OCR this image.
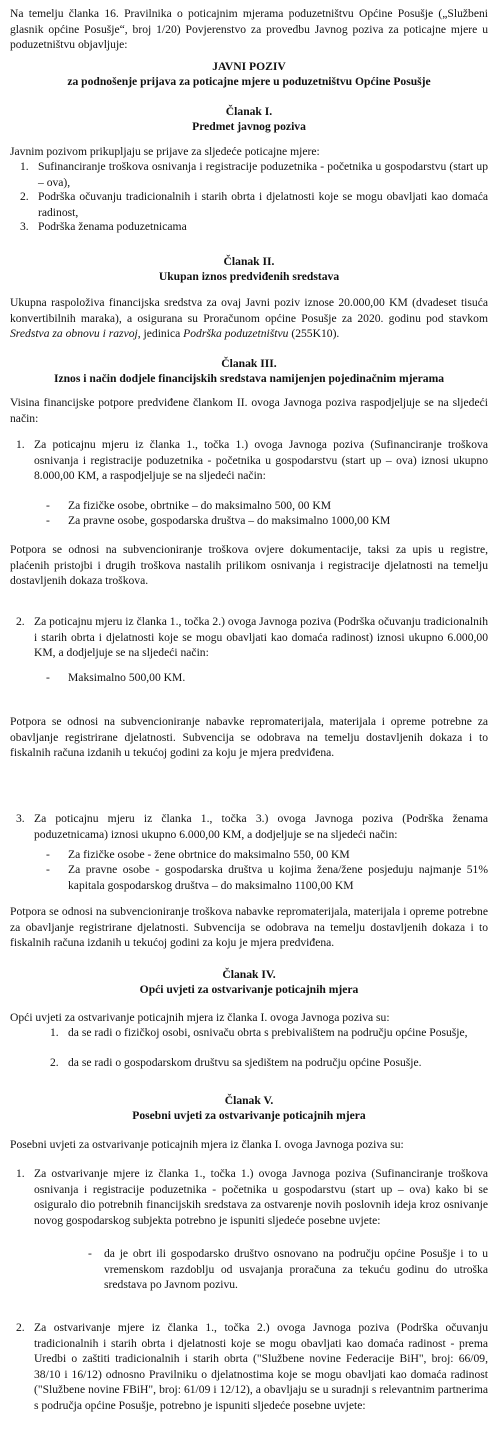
Na temelju članka 16. Pravilnika o poticajnim mjerama poduzetništvu Općine Posušje („Službeni glasnik općine Posušje“, broj 1/20) Povjerenstvo za provedbu Javnog poziva za poticajne mjere u poduzetništvu objavljuje:
JAVNI POZIV
za podnošenje prijava za poticajne mjere u poduzetništvu Općine Posušje
Članak I.
Predmet javnog poziva
Javnim pozivom prikupljaju se prijave za sljedeće poticajne mjere:
1. Sufinanciranje troškova osnivanja i registracije poduzetnika - početnika u gospodarstvu (start up – ova),
2. Podrška očuvanju tradicionalnih i starih obrta i djelatnosti koje se mogu obavljati kao domaća radinost,
3. Podrška ženama poduzetnicama
Članak II.
Ukupan iznos predviđenih sredstava
Ukupna raspoloživa financijska sredstva za ovaj Javni poziv iznose 20.000,00 KM (dvadeset tisuća konvertibilnih maraka), a osigurana su Proračunom općine Posušje za 2020. godinu pod stavkom Sredstva za obnovu i razvoj, jedinica Podrška poduzetništvu (255K10).
Članak III.
Iznos i način dodjele financijskih sredstava namijenjen pojedinačnim mjerama
Visina financijske potpore predviđene člankom II. ovoga Javnoga poziva raspodjeljuje se na sljedeći način:
1. Za poticajnu mjeru iz članka 1., točka 1.) ovoga Javnoga poziva (Sufinanciranje troškova osnivanja i registracije poduzetnika - početnika u gospodarstvu (start up – ova) iznosi ukupno 8.000,00 KM, a raspodjeljuje se na sljedeći način:
- Za fizičke osobe, obrtnike – do maksimalno 500, 00 KM
- Za pravne osobe, gospodarska društva – do maksimalno 1000,00 KM
Potpora se odnosi na subvencioniranje troškova ovjere dokumentacije, taksi za upis u registre, plaćenih pristojbi i drugih troškova nastalih prilikom osnivanja i registracije djelatnosti na temelju dostavljenih dokaza troškova.
2. Za poticajnu mjeru iz članka 1., točka 2.) ovoga Javnoga poziva (Podrška očuvanju tradicionalnih i starih obrta i djelatnosti koje se mogu obavljati kao domaća radinost) iznosi ukupno 6.000,00 KM, a dodjeljuje se na sljedeći način:
- Maksimalno 500,00 KM.
Potpora se odnosi na subvencioniranje nabavke repromaterijala, materijala i opreme potrebne za obavljanje registrirane djelatnosti. Subvencija se odobrava na temelju dostavljenih dokaza i to fiskalnih računa izdanih u tekućoj godini za koju je mjera predviđena.
3. Za poticajnu mjeru iz članka 1., točka 3.) ovoga Javnoga poziva (Podrška ženama poduzetnicama) iznosi ukupno 6.000,00 KM, a dodjeljuje se na sljedeći način:
- Za fizičke osobe - žene obrtnice do maksimalno 550, 00 KM
- Za pravne osobe - gospodarska društva u kojima žena/žene posjeduju najmanje 51% kapitala gospodarskog društva – do maksimalno 1100,00 KM
Potpora se odnosi na subvencioniranje troškova nabavke repromaterijala, materijala i opreme potrebne za obavljanje registrirane djelatnosti. Subvencija se odobrava na temelju dostavljenih dokaza i to fiskalnih računa izdanih u tekućoj godini za koju je mjera predviđena.
Članak IV.
Opći uvjeti za ostvarivanje poticajnih mjera
Opći uvjeti za ostvarivanje poticajnih mjera iz članka I. ovoga Javnoga poziva su:
1. da se radi o fizičkoj osobi, osnivaču obrta s prebivalištem na području općine Posušje,
2. da se radi o gospodarskom društvu sa sjedištem na području općine Posušje.
Članak V.
Posebni uvjeti za ostvarivanje poticajnih mjera
Posebni uvjeti za ostvarivanje poticajnih mjera iz članka I. ovoga Javnoga poziva su:
1. Za ostvarivanje mjere iz članka 1., točka 1.) ovoga Javnoga poziva (Sufinanciranje troškova osnivanja i registracije poduzetnika - početnika u gospodarstvu (start up – ova) kako bi se osiguralo dio potrebnih financijskih sredstava za ostvarenje novih poslovnih ideja kroz osnivanje novog gospodarskog subjekta potrebno je ispuniti sljedeće posebne uvjete:
- da je obrt ili gospodarsko društvo osnovano na području općine Posušje i to u vremenskom razdoblju od usvajanja proračuna za tekuću godinu do utroška sredstava po Javnom pozivu.
2. Za ostvarivanje mjere iz članka 1., točka 2.) ovoga Javnoga poziva (Podrška očuvanju tradicionalnih i starih obrta i djelatnosti koje se mogu obavljati kao domaća radinost - prema Uredbi o zaštiti tradicionalnih i starih obrta ("Službene novine Federacije BiH", broj: 66/09, 38/10 i 16/12) odnosno Pravilniku o djelatnostima koje se mogu obavljati kao domaća radinost ("Službene novine FBiH", broj: 61/09 i 12/12), a obavljaju se u suradnji s relevantnim partnerima s područja općine Posušje, potrebno je ispuniti sljedeće posebne uvjete:
